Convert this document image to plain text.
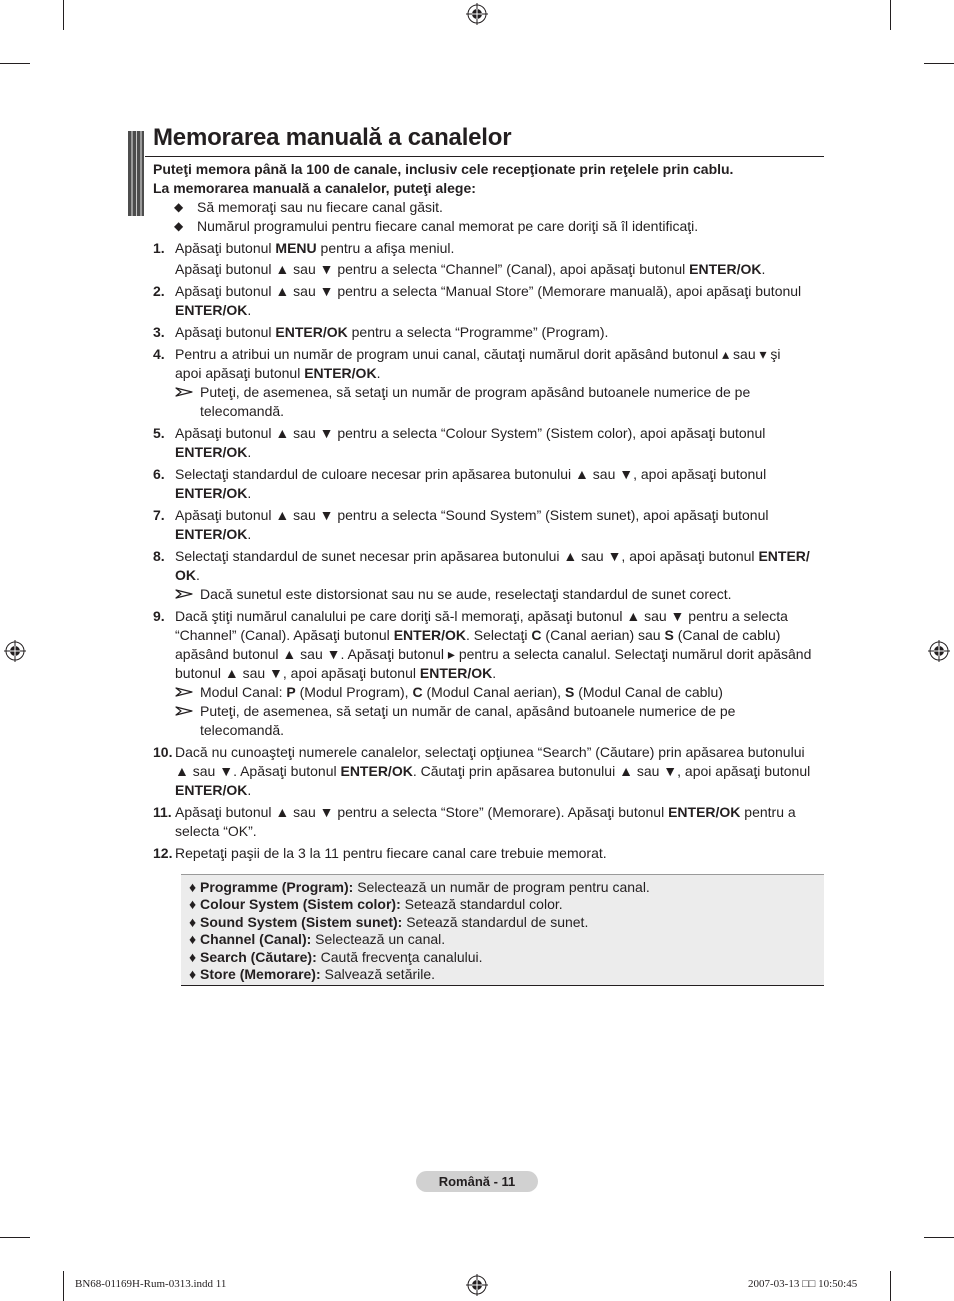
Memorarea manuală a canalelor
Puteţi memora până la 100 de canale, inclusiv cele recepţionate prin reţelele prin cablu.
La memorarea manuală a canalelor, puteţi alege:
◆ Să memoraţi sau nu fiecare canal găsit.
◆ Numărul programului pentru fiecare canal memorat pe care doriţi să îl identificaţi.
1. Apăsaţi butonul MENU pentru a afişa meniul.
Apăsaţi butonul ▲ sau ▼ pentru a selecta “Channel” (Canal), apoi apăsaţi butonul ENTER/OK.
2. Apăsaţi butonul ▲ sau ▼ pentru a selecta “Manual Store” (Memorare manuală), apoi apăsaţi butonul
ENTER/OK.
3. Apăsaţi butonul ENTER/OK pentru a selecta “Programme” (Program).
4. Pentru a atribui un număr de program unui canal, căutaţi numărul dorit apăsând butonul ▴ sau ▾ şi
apoi apăsaţi butonul ENTER/OK.
Puteţi, de asemenea, să setaţi un număr de program apăsând butoanele numerice de pe
telecomandă.
5. Apăsaţi butonul ▲ sau ▼ pentru a selecta “Colour System” (Sistem color), apoi apăsaţi butonul
ENTER/OK.
6. Selectaţi standardul de culoare necesar prin apăsarea butonului ▲ sau ▼, apoi apăsaţi butonul
ENTER/OK.
7. Apăsaţi butonul ▲ sau ▼ pentru a selecta “Sound System” (Sistem sunet), apoi apăsaţi butonul
ENTER/OK.
8. Selectaţi standardul de sunet necesar prin apăsarea butonului ▲ sau ▼, apoi apăsaţi butonul ENTER/
OK.
Dacă sunetul este distorsionat sau nu se aude, reselectaţi standardul de sunet corect.
9. Dacă ştiţi numărul canalului pe care doriţi să-l memoraţi, apăsaţi butonul ▲ sau ▼ pentru a selecta
“Channel” (Canal). Apăsaţi butonul ENTER/OK. Selectaţi C (Canal aerian) sau S (Canal de cablu)
apăsând butonul ▲ sau ▼. Apăsaţi butonul ▸ pentru a selecta canalul. Selectaţi numărul dorit apăsând
butonul ▲ sau ▼, apoi apăsaţi butonul ENTER/OK.
Modul Canal: P (Modul Program), C (Modul Canal aerian), S (Modul Canal de cablu)
Puteţi, de asemenea, să setaţi un număr de canal, apăsând butoanele numerice de pe
telecomandă.
10. Dacă nu cunoaşteţi numerele canalelor, selectaţi opţiunea “Search” (Căutare) prin apăsarea butonului
▲ sau ▼. Apăsaţi butonul ENTER/OK. Căutaţi prin apăsarea butonului ▲ sau ▼, apoi apăsaţi butonul
ENTER/OK.
11. Apăsaţi butonul ▲ sau ▼ pentru a selecta “Store” (Memorare). Apăsaţi butonul ENTER/OK pentru a
selecta “OK”.
12. Repetaţi paşii de la 3 la 11 pentru fiecare canal care trebuie memorat.
♦ Programme (Program): Selectează un număr de program pentru canal.
♦ Colour System (Sistem color): Setează standardul color.
♦ Sound System (Sistem sunet): Setează standardul de sunet.
♦ Channel (Canal): Selectează un canal.
♦ Search (Căutare): Caută frecvenţa canalului.
♦ Store (Memorare): Salvează setările.
Română - 11
BN68-01169H-Rum-0313.indd 11	2007-03-13 □□ 10:50:45
